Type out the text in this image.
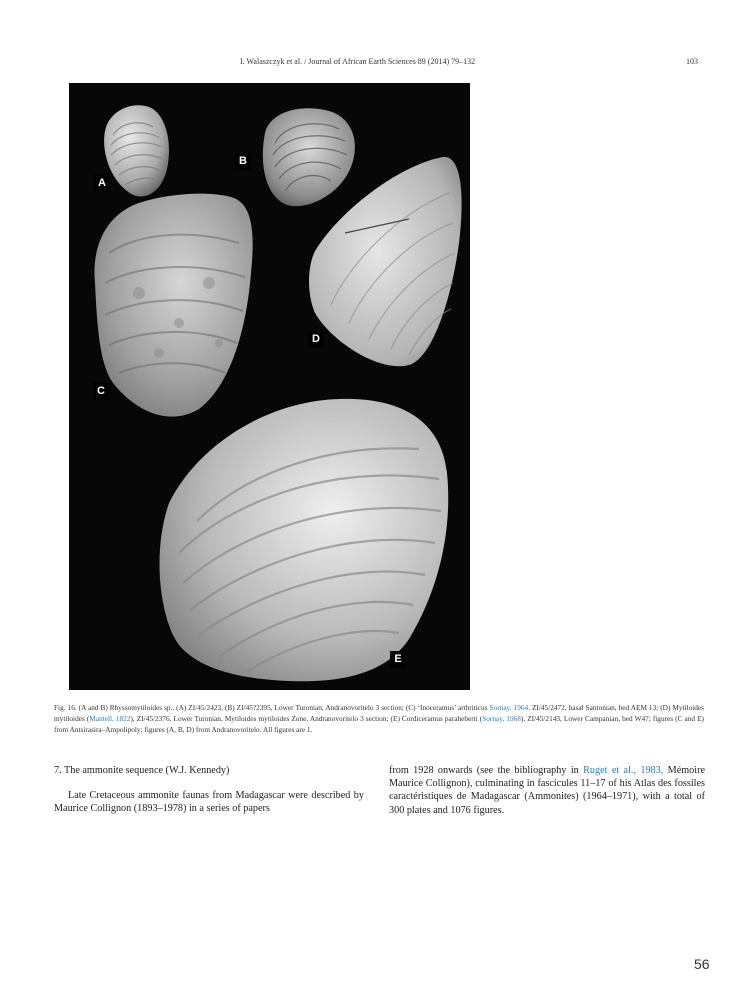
I. Walaszczyk et al. / Journal of African Earth Sciences 89 (2014) 79–132	103
A
B
C
D
E
Fig. 16. (A and B) Rhyssomytiloides sp., (A) ZI/45/2423, (B) ZI/45?2395, Lower Turonian, Andranovoritelo 3 section; (C) ‘Inoceramus’ arthriticus Sornay, 1964, ZI/45/2472, basal Santonian, bed AEM 13; (D) Mytiloides mytiloides (Mantell, 1822), ZI/45/2376, Lower Turonian, Mytiloides mytiloides Zone, Andranovoritelo 3 section; (E) Cordiceramus paraheberti (Sornay, 1968), ZI/45/2143, Lower Campanian, bed W47; figures (C and E) from Antsirasira–Ampolipoly; figures (A, B, D) from Andranovoritelo. All figures are 1.
7. The ammonite sequence (W.J. Kennedy)

Late Cretaceous ammonite faunas from Madagascar were described by Maurice Collignon (1893–1978) in a series of papers

from 1928 onwards (see the bibliography in Ruget et al., 1983, Mémoire Maurice Collignon), culminating in fascicules 11–17 of his Atlas des fossiles caractéristiques de Madagascar (Ammonites) (1964–1971), with a total of 300 plates and 1076 figures.

56
